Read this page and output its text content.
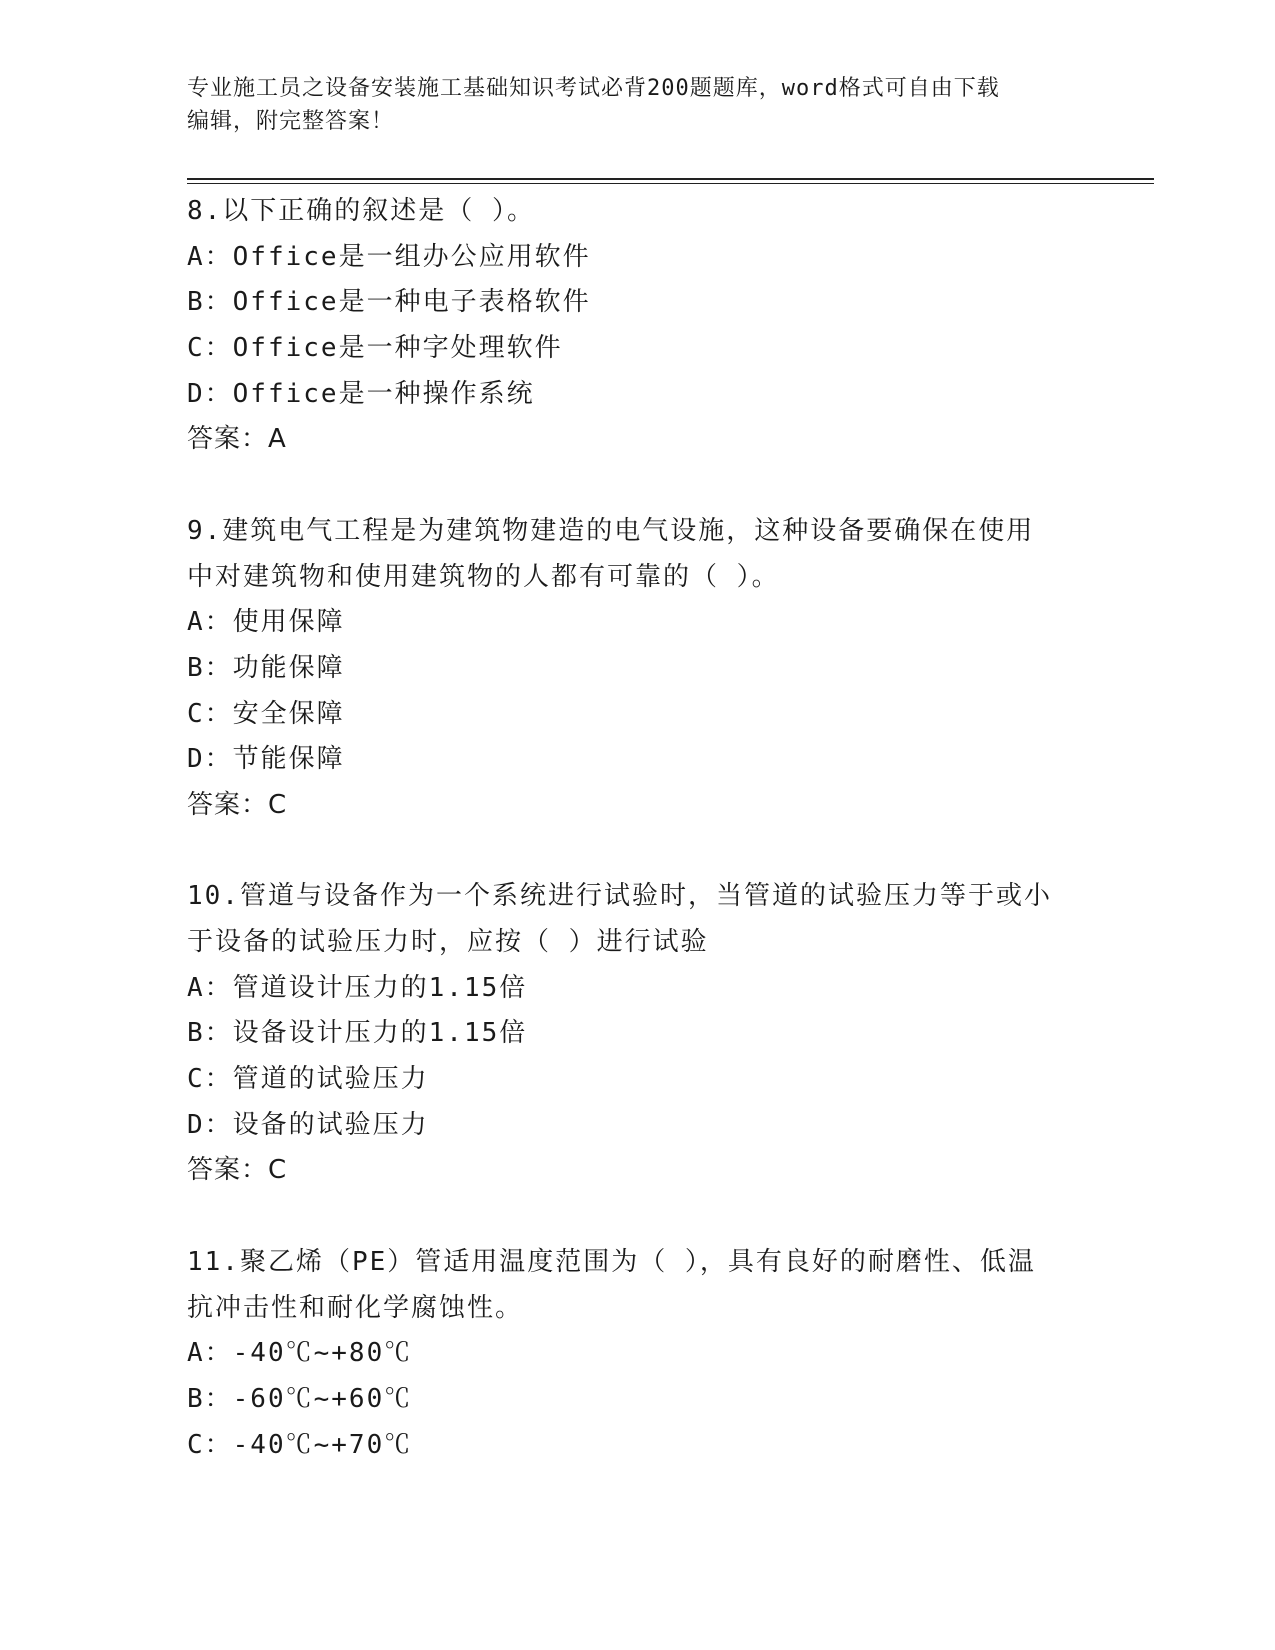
专业施工员之设备安装施工基础知识考试必背200题题库，word格式可自由下载
编辑，附完整答案！
8.以下正确的叙述是（ ）。
A：Office是一组办公应用软件
B：Office是一种电子表格软件
C：Office是一种字处理软件
D：Office是一种操作系统
答案：A
9.建筑电气工程是为建筑物建造的电气设施，这种设备要确保在使用
中对建筑物和使用建筑物的人都有可靠的（ ）。
A：使用保障
B：功能保障
C：安全保障
D：节能保障
答案：C
10.管道与设备作为一个系统进行试验时，当管道的试验压力等于或小
于设备的试验压力时，应按（ ）进行试验
A：管道设计压力的1.15倍
B：设备设计压力的1.15倍
C：管道的试验压力
D：设备的试验压力
答案：C
11.聚乙烯（PE）管适用温度范围为（ ），具有良好的耐磨性、低温
抗冲击性和耐化学腐蚀性。
A：-40℃~+80℃
B：-60℃~+60℃
C：-40℃~+70℃
